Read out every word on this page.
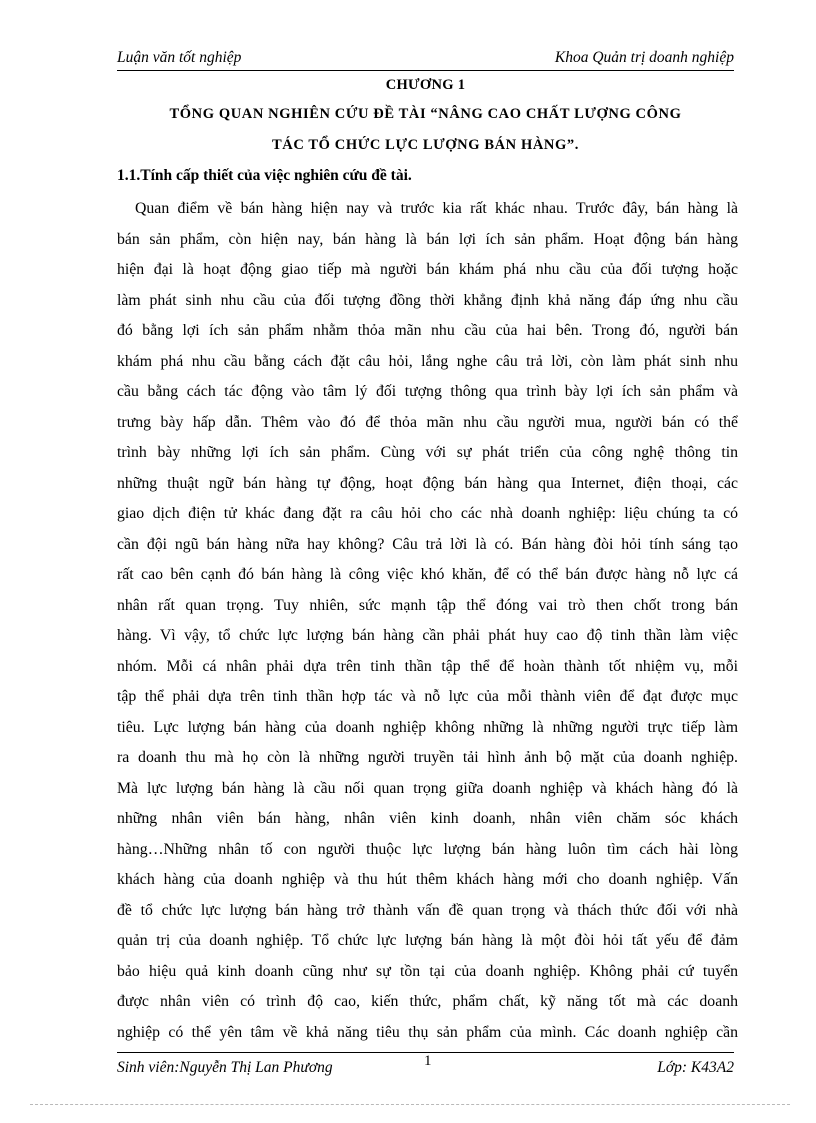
Luận văn tốt nghiệp	Khoa Quản trị doanh nghiệp
CHƯƠNG 1
TỔNG QUAN NGHIÊN CỨU ĐỀ TÀI “NÂNG CAO CHẤT LƯỢNG CÔNG
TÁC TỔ CHỨC LỰC LƯỢNG BÁN HÀNG”.
1.1.Tính cấp thiết của việc nghiên cứu đề tài.
Quan điểm về bán hàng hiện nay và trước kia rất khác nhau. Trước đây, bán hàng là
bán sản phẩm, còn hiện nay, bán hàng là bán lợi ích sản phẩm. Hoạt động bán hàng
hiện đại là hoạt động giao tiếp mà người bán khám phá nhu cầu của đối tượng hoặc
làm phát sinh nhu cầu của đối tượng đồng thời khẳng định khả năng đáp ứng nhu cầu
đó bằng lợi ích sản phẩm nhằm thỏa mãn nhu cầu của hai bên. Trong đó, người bán
khám phá nhu cầu bằng cách đặt câu hỏi, lắng nghe câu trả lời, còn làm phát sinh nhu
cầu bằng cách tác động vào tâm lý đối tượng thông qua trình bày lợi ích sản phẩm và
trưng bày hấp dẫn. Thêm vào đó để thỏa mãn nhu cầu người mua, người bán có thể
trình bày những lợi ích sản phẩm. Cùng với sự phát triển của công nghệ thông tin
những thuật ngữ bán hàng tự động, hoạt động bán hàng qua Internet, điện thoại, các
giao dịch điện tử khác đang đặt ra câu hỏi cho các nhà doanh nghiệp: liệu chúng ta có
cần đội ngũ bán hàng nữa hay không? Câu trả lời là có. Bán hàng đòi hỏi tính sáng tạo
rất cao bên cạnh đó bán hàng là công việc khó khăn, để có thể bán được hàng nỗ lực cá
nhân rất quan trọng. Tuy nhiên, sức mạnh tập thể đóng vai trò then chốt trong bán
hàng. Vì vậy, tổ chức lực lượng bán hàng cần phải phát huy cao độ tinh thần làm việc
nhóm. Mỗi cá nhân phải dựa trên tinh thần tập thể để hoàn thành tốt nhiệm vụ, mỗi
tập thể phải dựa trên tinh thần hợp tác và nỗ lực của mỗi thành viên để đạt được mục
tiêu. Lực lượng bán hàng của doanh nghiệp không những là những người trực tiếp làm
ra doanh thu mà họ còn là những người truyền tải hình ảnh bộ mặt của doanh nghiệp.
Mà lực lượng bán hàng là cầu nối quan trọng giữa doanh nghiệp và khách hàng đó là
những nhân viên bán hàng, nhân viên kinh doanh, nhân viên chăm sóc khách
hàng…Những nhân tố con người thuộc lực lượng bán hàng luôn tìm cách hài lòng
khách hàng của doanh nghiệp và thu hút thêm khách hàng mới cho doanh nghiệp. Vấn
đề tổ chức lực lượng bán hàng trở thành vấn đề quan trọng và thách thức đối với nhà
quản trị của doanh nghiệp. Tổ chức lực lượng bán hàng là một đòi hỏi tất yếu để đảm
bảo hiệu quả kinh doanh cũng như sự tồn tại của doanh nghiệp. Không phải cứ tuyển
được nhân viên có trình độ cao, kiến thức, phẩm chất, kỹ năng tốt mà các doanh
nghiệp có thể yên tâm về khả năng tiêu thụ sản phẩm của mình. Các doanh nghiệp cần
Sinh viên:Nguyễn Thị Lan Phương	1	Lớp: K43A2
